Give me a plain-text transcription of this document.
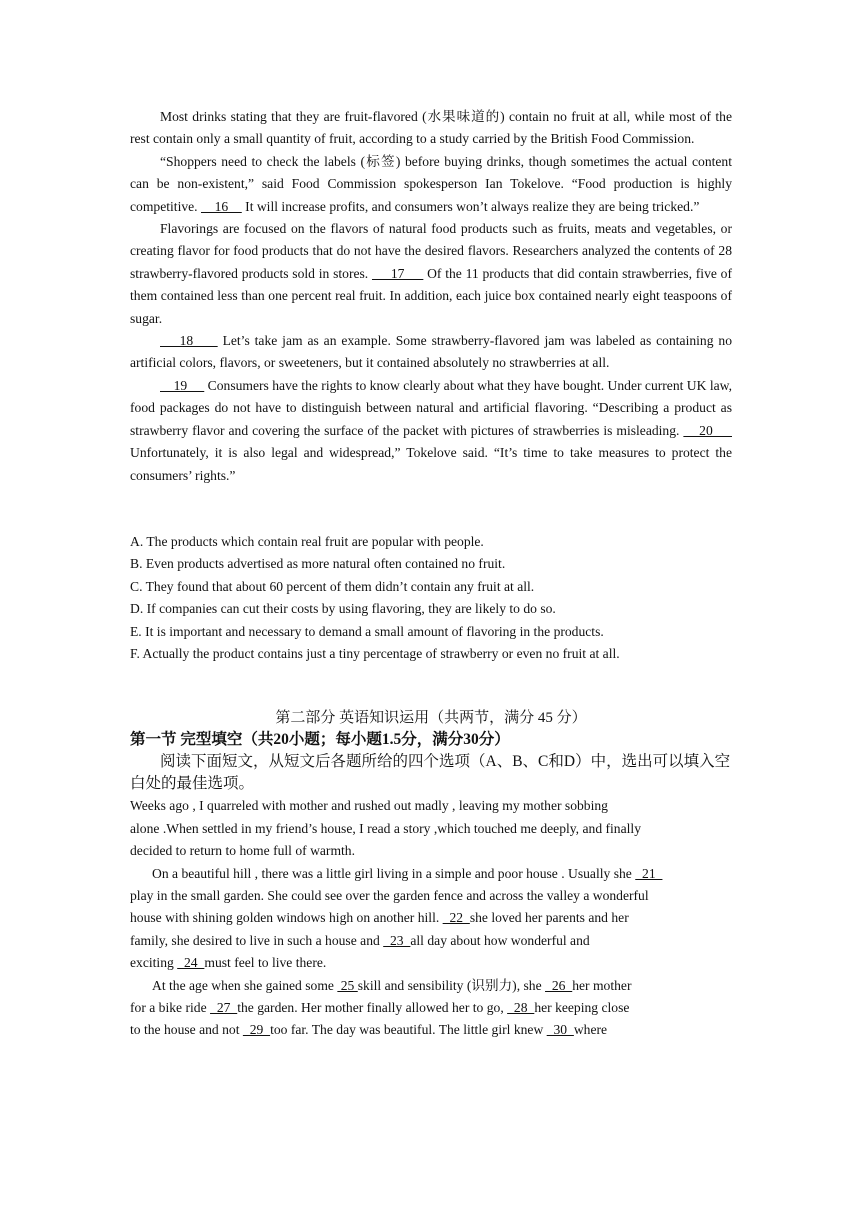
Most drinks stating that they are fruit-flavored (水果味道的) contain no fruit at all, while most of the rest contain only a small quantity of fruit, according to a study carried by the British Food Commission.

“Shoppers need to check the labels (标签) before buying drinks, though sometimes the actual content can be non-existent,” said Food Commission spokesperson Ian Tokelove. “Food production is highly competitive.     16     It will increase profits, and consumers won’t always realize they are being tricked.”

Flavorings are focused on the flavors of natural food products such as fruits, meats and vegetables, or creating flavor for food products that do not have the desired flavors. Researchers analyzed the contents of 28 strawberry-flavored products sold in stores.      17      Of the 11 products that did contain strawberries, five of them contained less than one percent real fruit. In addition, each juice box contained nearly eight teaspoons of sugar.

18      Let’s take jam as an example. Some strawberry-flavored jam was labeled as containing no artificial colors, flavors, or sweeteners, but it contained absolutely no strawberries at all.

19      Consumers have the rights to know clearly about what they have bought. Under current UK law, food packages do not have to distinguish between natural and artificial flavoring. “Describing a product as strawberry flavor and covering the surface of the packet with pictures of strawberries is misleading.     20      Unfortunately, it is also legal and widespread,” Tokelove said. “It’s time to take measures to protect the consumers’ rights.”

A. The products which contain real fruit are popular with people.

B. Even products advertised as more natural often contained no fruit.

C. They found that about 60 percent of them didn’t contain any fruit at all.

D. If companies can cut their costs by using flavoring, they are likely to do so.

E. It is important and necessary to demand a small amount of flavoring in the products.

F. Actually the product contains just a tiny percentage of strawberry or even no fruit at all.

第二部分 英语知识运用（共两节，满分 45 分）

第一节 完型填空（共20小题；每小题1.5分，满分30分）

阅读下面短文，从短文后各题所给的四个选项（A、B、C和D）中，选出可以填入空白处的最佳选项。

Weeks ago , I quarreled with mother and rushed out madly , leaving my mother sobbing

alone .When settled in my friend’s house, I read a story ,which touched me deeply, and finally

decided to return to home full of warmth.

On a beautiful hill , there was a little girl living in a simple and poor house . Usually she   21

play in the small garden. She could see over the garden fence and across the valley a wonderful

house with shining golden windows high on another hill.   22  she loved her parents and her

family, she desired to live in such a house and   23  all day about how wonderful and

exciting   24  must feel to live there.

At the age when she gained some  25 skill and sensibility (识别力), she   26  her mother

for a bike ride   27  the garden. Her mother finally allowed her to go,   28  her keeping close

to the house and not   29  too far. The day was beautiful. The little girl knew   30  where
